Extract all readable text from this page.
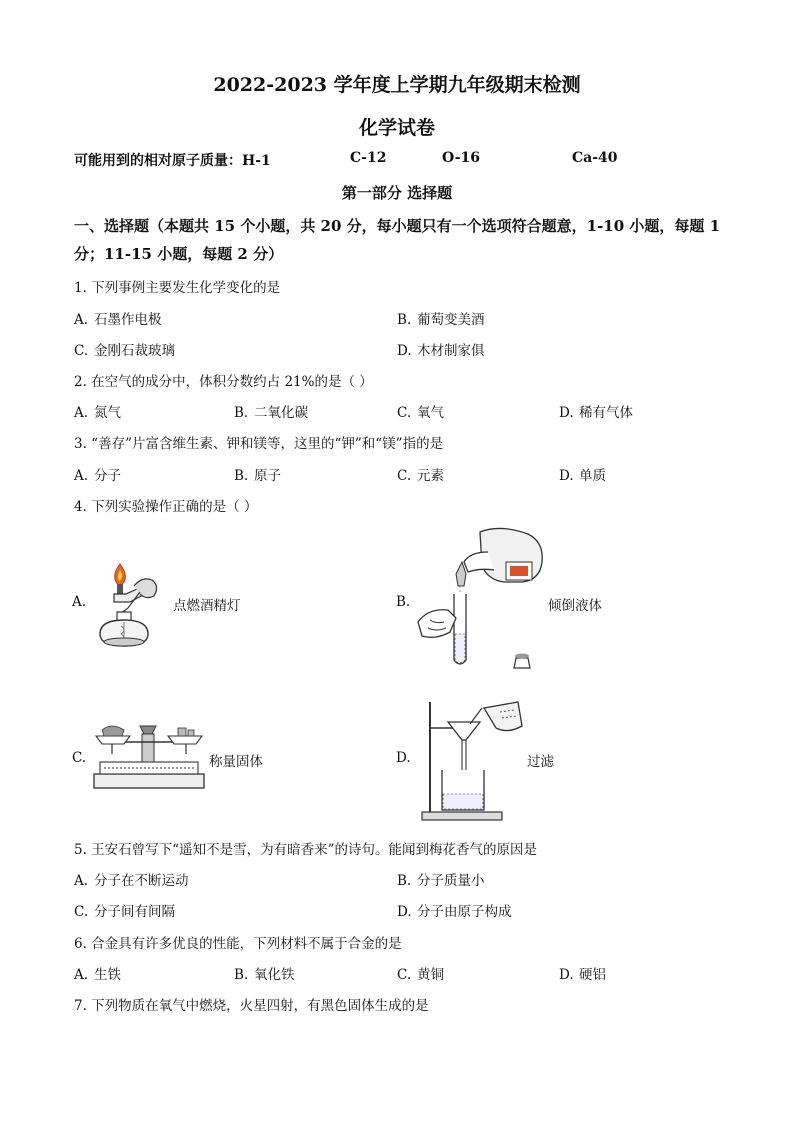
2022-2023 学年度上学期九年级期末检测
化学试卷
可能用到的相对原子质量：H-1	C-12	O-16	Ca-40
第一部分 选择题
一、选择题（本题共 15 个小题，共 20 分，每小题只有一个选项符合题意，1-10 小题，每题 1 分；11-15 小题，每题 2 分）
1. 下列事例主要发生化学变化的是
A. 石墨作电极	B. 葡萄变美酒
C. 金刚石裁玻璃	D. 木材制家俱
2. 在空气的成分中，体积分数约占 21%的是（ ）
A. 氮气	B. 二氧化碳	C. 氧气	D. 稀有气体
3. “善存”片富含维生素、钾和镁等，这里的“钾”和“镁”指的是
A. 分子	B. 原子	C. 元素	D. 单质
4. 下列实验操作正确的是（ ）
A.	点燃酒精灯	B.	倾倒液体
C.	称量固体	D.	过滤
5. 王安石曾写下“遥知不是雪，为有暗香来”的诗句。能闻到梅花香气的原因是
A. 分子在不断运动	B. 分子质量小
C. 分子间有间隔	D. 分子由原子构成
6. 合金具有许多优良的性能，下列材料不属于合金的是
A. 生铁	B. 氧化铁	C. 黄铜	D. 硬铝
7. 下列物质在氧气中燃烧，火星四射，有黑色固体生成的是
